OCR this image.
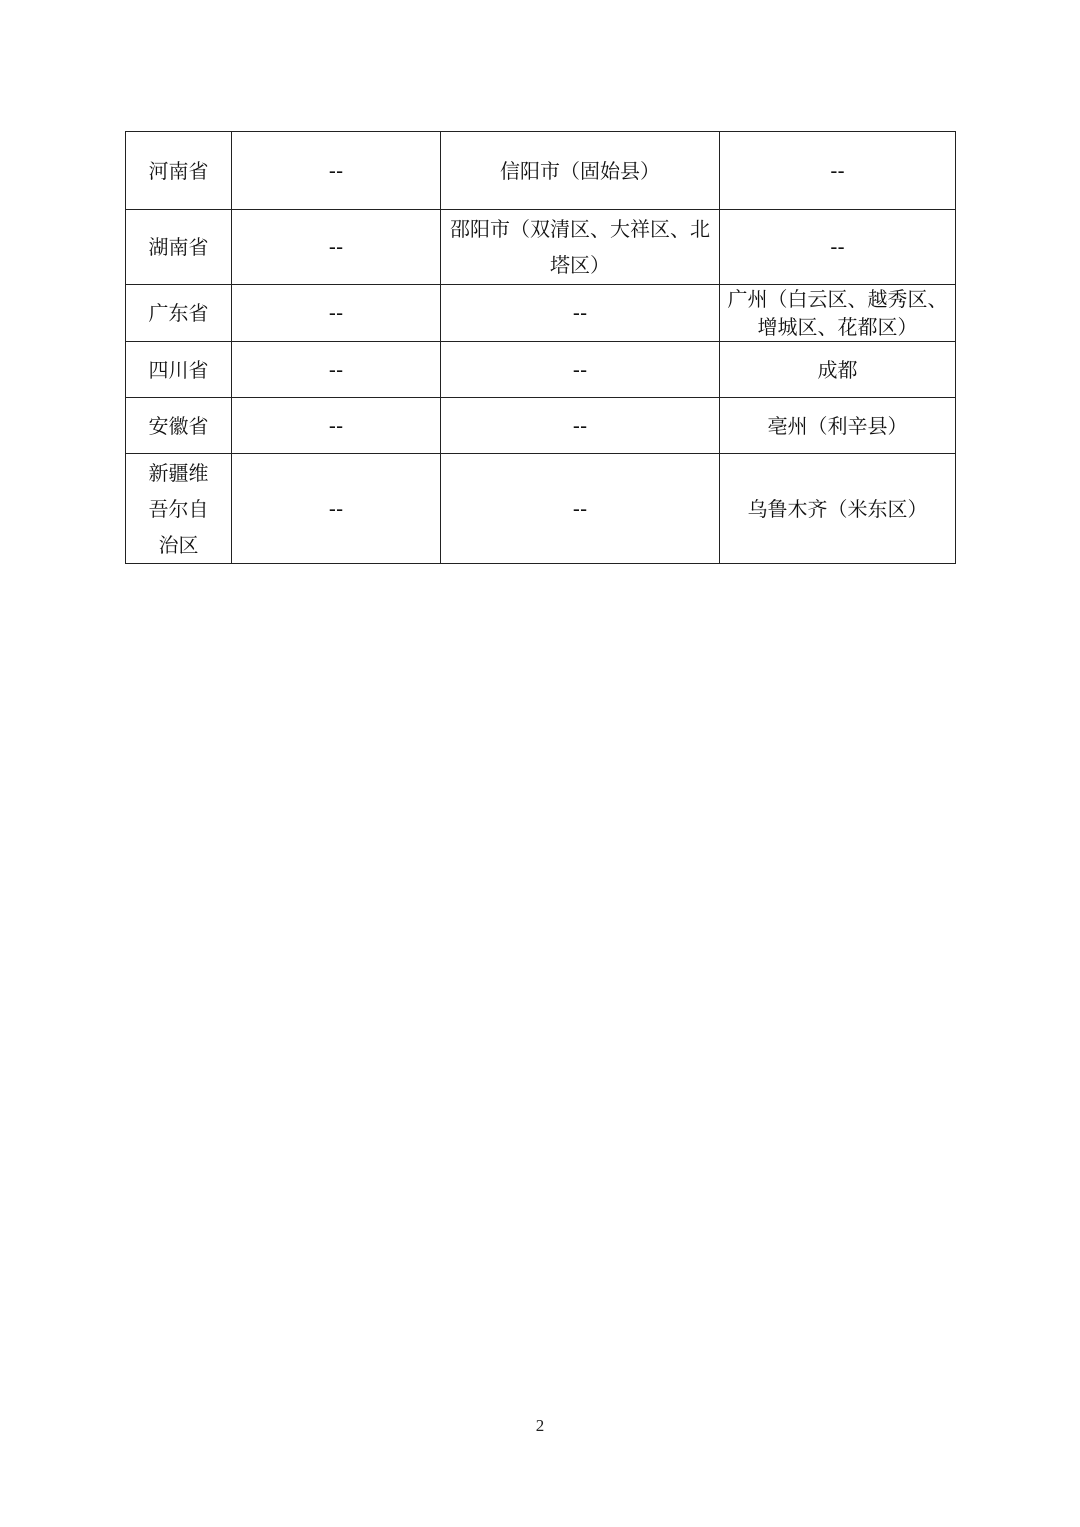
河南省	--	信阳市（固始县）	--
湖南省	--	邵阳市（双清区、大祥区、北塔区）	--
广东省	--	--	广州（白云区、越秀区、增城区、花都区）
四川省	--	--	成都
安徽省	--	--	亳州（利辛县）
新疆维吾尔自治区	--	--	乌鲁木齐（米东区）
2
